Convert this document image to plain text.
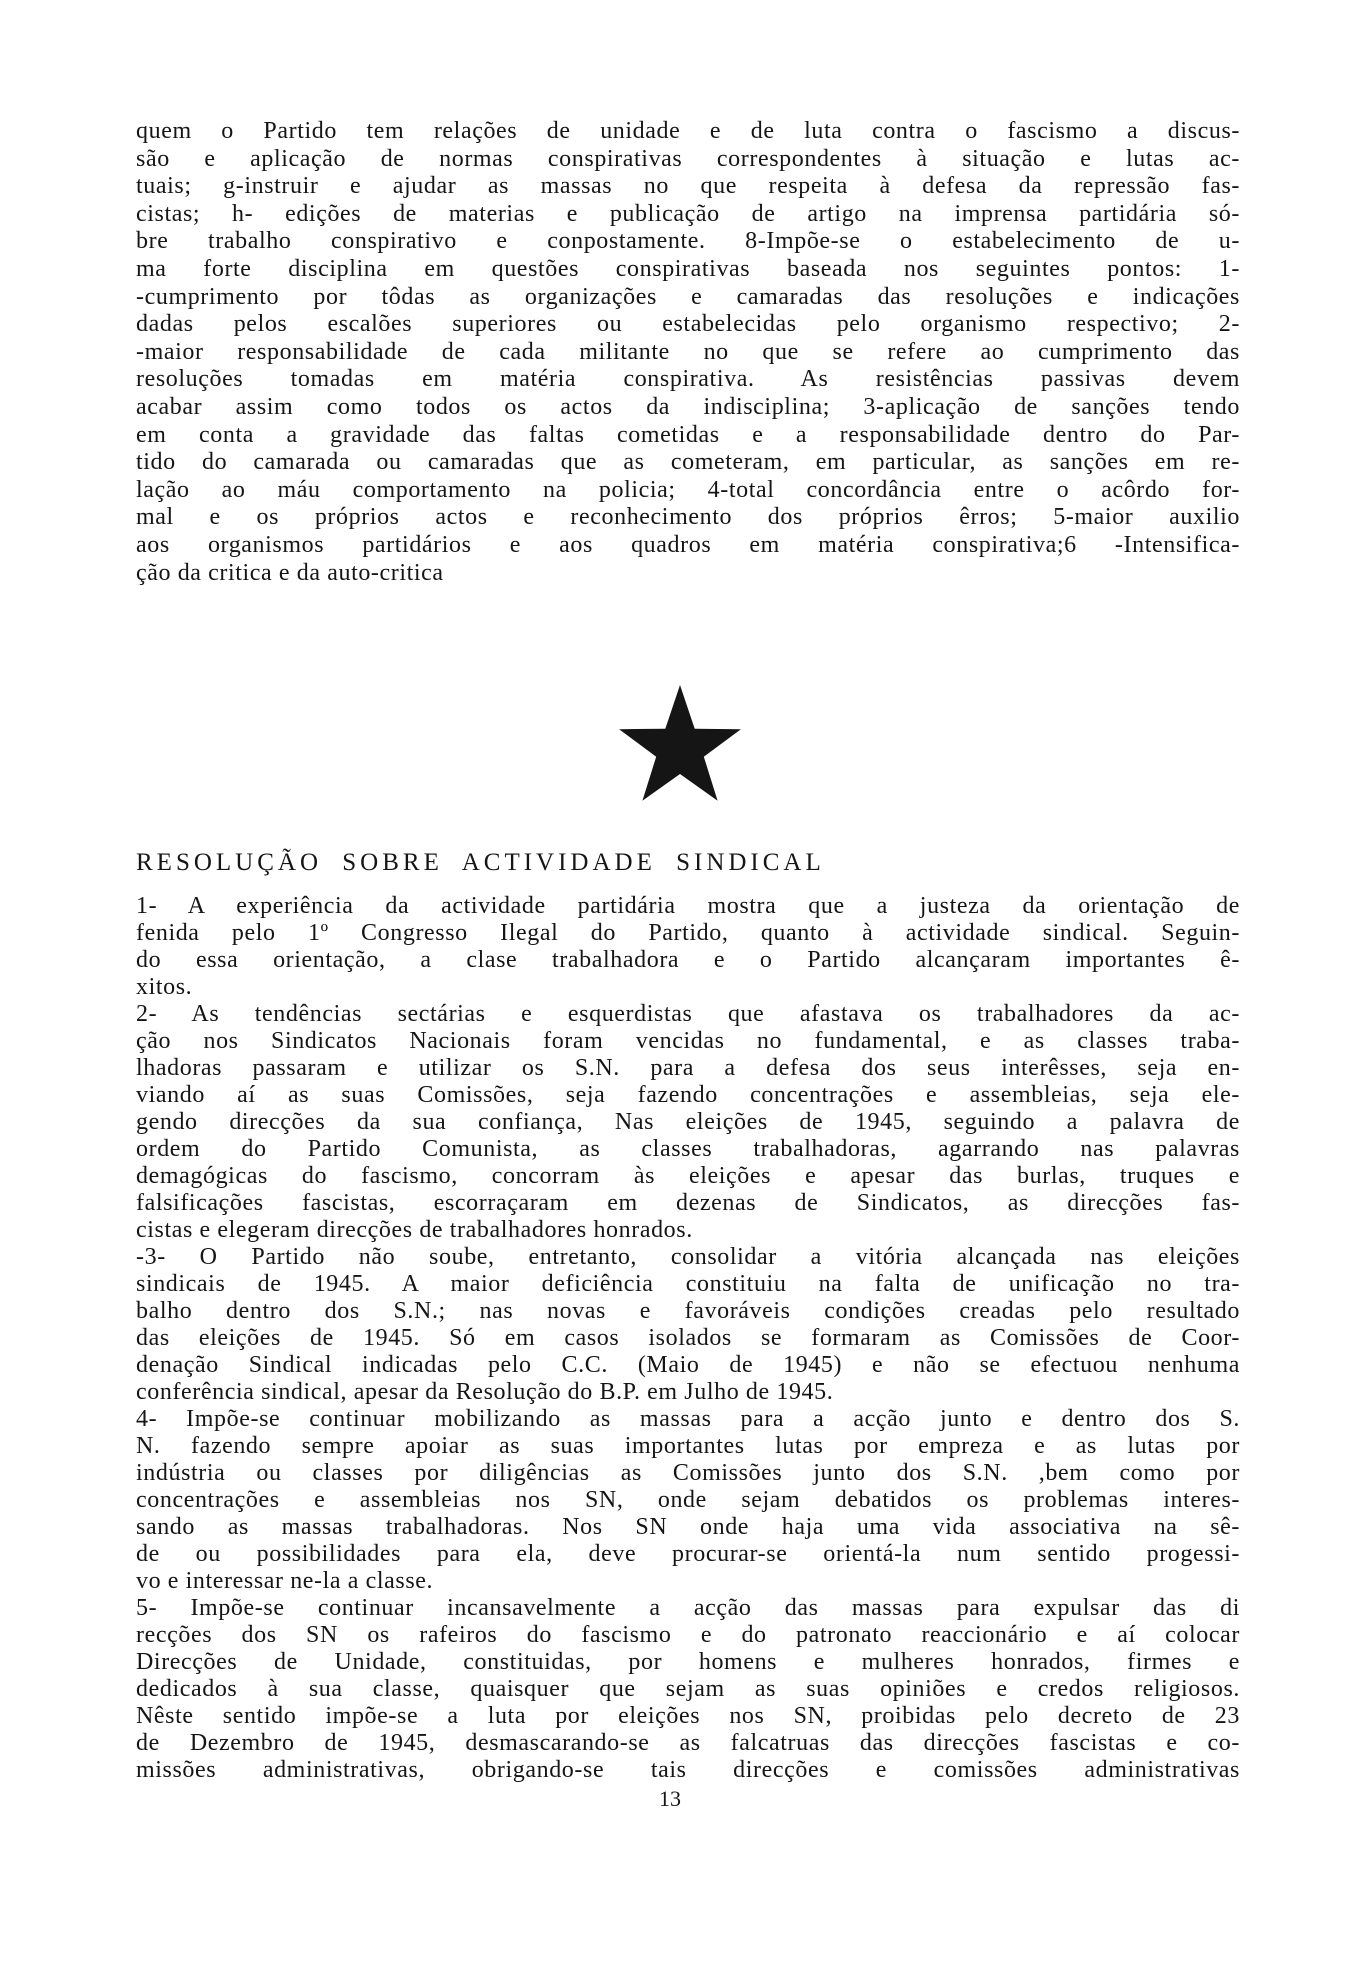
quem o Partido tem relações de unidade e de luta contra o fascismo a discus-
são e aplicação de normas conspirativas correspondentes à situação e lutas ac-
tuais; g-instruir e ajudar as massas no que respeita à defesa da repressão fas-
cistas; h- edições de materias e publicação de artigo na imprensa partidária só-
bre trabalho conspirativo e conpostamente. 8-Impõe-se o estabelecimento de u-
ma forte disciplina em questões conspirativas baseada nos seguintes pontos: 1-
-cumprimento por tôdas as organizações e camaradas das resoluções e indicações
dadas pelos escalões superiores ou estabelecidas pelo organismo respectivo; 2-
-maior responsabilidade de cada militante no que se refere ao cumprimento das
resoluções tomadas em matéria conspirativa. As resistências passivas devem
acabar assim como todos os actos da indisciplina; 3-aplicação de sanções tendo
em conta a gravidade das faltas cometidas e a responsabilidade dentro do Par-
tido do camarada ou camaradas que as cometeram, em particular, as sanções em re-
lação ao máu comportamento na policia; 4-total concordância entre o acôrdo for-
mal e os próprios actos e reconhecimento dos próprios êrros; 5-maior auxilio
aos organismos partidários e aos quadros em matéria conspirativa;6 -Intensifica-
ção da critica e da auto-critica
RESOLUÇÃO SOBRE ACTIVIDADE SINDICAL
1- A experiência da actividade partidária mostra que a justeza da orientação de
fenida pelo 1º Congresso Ilegal do Partido, quanto à actividade sindical. Seguin-
do essa orientação, a clase trabalhadora e o Partido alcançaram importantes ê-
xitos.
2- As tendências sectárias e esquerdistas que afastava os trabalhadores da ac-
ção nos Sindicatos Nacionais foram vencidas no fundamental, e as classes traba-
lhadoras passaram e utilizar os S.N. para a defesa dos seus interêsses, seja en-
viando aí as suas Comissões, seja fazendo concentrações e assembleias, seja ele-
gendo direcções da sua confiança, Nas eleições de 1945, seguindo a palavra de
ordem do Partido Comunista, as classes trabalhadoras, agarrando nas palavras
demagógicas do fascismo, concorram às eleições e apesar das burlas, truques e
falsificações fascistas, escorraçaram em dezenas de Sindicatos, as direcções fas-
cistas e elegeram direcções de trabalhadores honrados.
-3- O Partido não soube, entretanto, consolidar a vitória alcançada nas eleições
sindicais de 1945. A maior deficiência constituiu na falta de unificação no tra-
balho dentro dos S.N.; nas novas e favoráveis condições creadas pelo resultado
das eleições de 1945. Só em casos isolados se formaram as Comissões de Coor-
denação Sindical indicadas pelo C.C. (Maio de 1945) e não se efectuou nenhuma
conferência sindical, apesar da Resolução do B.P. em Julho de 1945.
4- Impõe-se continuar mobilizando as massas para a acção junto e dentro dos S.
N. fazendo sempre apoiar as suas importantes lutas por empreza e as lutas por
indústria ou classes por diligências as Comissões junto dos S.N. ,bem como por
concentrações e assembleias nos SN, onde sejam debatidos os problemas interes-
sando as massas trabalhadoras. Nos SN onde haja uma vida associativa na sê-
de ou possibilidades para ela, deve procurar-se orientá-la num sentido progessi-
vo e interessar ne-la a classe.
5- Impõe-se continuar incansavelmente a acção das massas para expulsar das di
recções dos SN os rafeiros do fascismo e do patronato reaccionário e aí colocar
Direcções de Unidade, constituidas, por homens e mulheres honrados, firmes e
dedicados à sua classe, quaisquer que sejam as suas opiniões e credos religiosos.
Nêste sentido impõe-se a luta por eleições nos SN, proibidas pelo decreto de 23
de Dezembro de 1945, desmascarando-se as falcatruas das direcções fascistas e co-
missões administrativas, obrigando-se tais direcções e comissões administrativas
13
